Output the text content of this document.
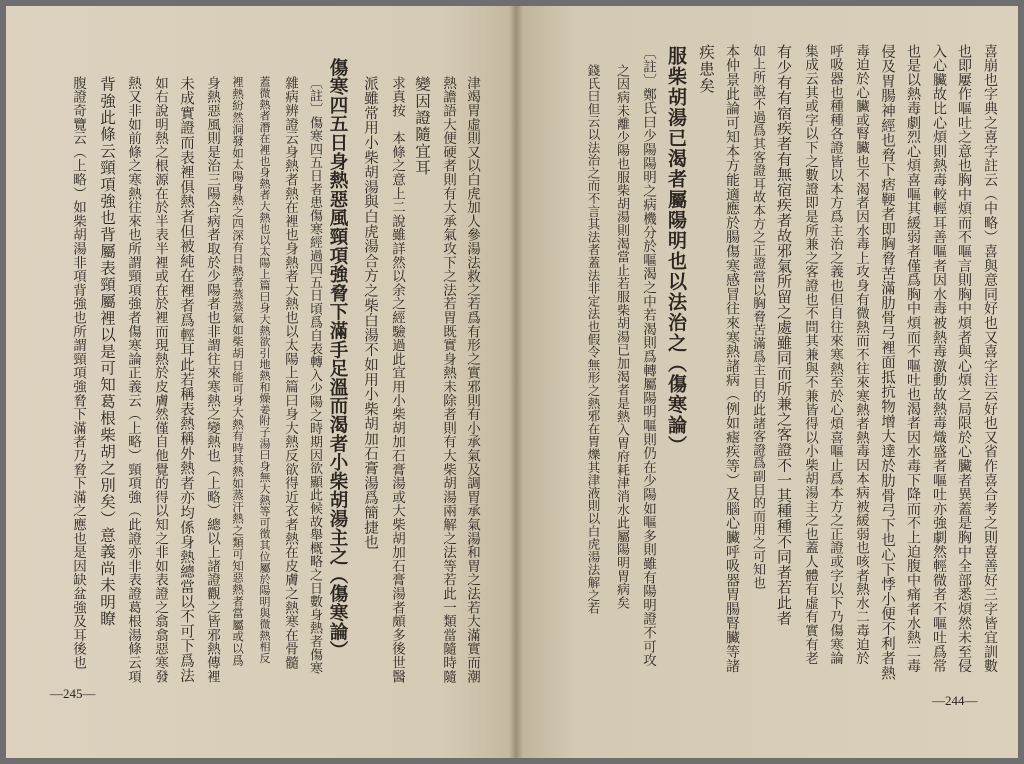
津竭胃虛則又以白虎加人參湯法救之若爲有形之實邪則有小承氣及調胃承氣湯和胃之法若大滿實而潮
熱譫語大便硬者則有大承氣攻下之法若胃既實身熱未除者則有大柴胡湯兩解之法等若此一類當隨時隨
變因證隨宜耳
求真按　本條之意上二說雖詳然以余之經驗過此宜用小柴胡加石膏湯或大柴胡加石膏湯者頗多後世醫
派雖常用小柴胡湯與白虎湯合方之柴白湯不如用小柴胡加石膏湯爲簡捷也
傷寒四五日身熱惡風頸項強脅下滿手足溫而渴者小柴胡湯主之（傷寒論）
〔註〕傷寒四五日者患傷寒經過四五日頃爲自表轉入少陽之時期因欲顯此候故舉概略之日數身熱者傷寒
雜病辨證云身熱者熱在裡也身熱者大熱也以太陽上篇曰身大熱反欲得近衣者熱在皮膚之熱寒在骨髓
蓋微熱者潛在裡也身熱者大熱也以太陽上篇曰身大熱欲引地熱和燥姜附子湯曰身無大熱等可徵其位屬於陽明與微熱相反
裡熱紛然洞發如太陽身熱之四深有日熱者蒸蒸氣如柴胡日能可身大熱有時其熱如蒸汗熱之類可知惡熱者當屬或以爲
身熱惡風則是治三陽合病者取於少陽者也非謂往來寒熱之變熱也（上略）總以上諸證觀之皆邪熱傳裡
未成實證而表裡俱熱者但被純在裡者爲輕耳此若稱表熱稱外熱者亦均係身熱總當以不可下爲法
如右說明熱之根源在於半表半裡或在於裡而現熱於皮膚然僅自他覺的得以知之非如表證之翕翕惡寒發
熱又非如前條之寒熱往來也所謂頸項強者傷寒論正義云（上略）頸項強（此證亦非表證葛根湯條云項
背強此條云頸項強也背屬表頸屬裡以是可知葛根柴胡之別矣）意義尚未明瞭
腹證奇覽云（上略）如柴胡湯非項背強也所謂頸項強脅下滿者乃脅下滿之應也是因缺盆強及耳後也	喜崩也字典之喜字註云（中略）喜與意同好也又喜字注云好也又省作喜合考之則喜善好三字皆宜訓數
也即屢作嘔吐之意也胸中煩而不嘔言則胸中煩者與心煩之局限於心臟者異蓋是胸中全部悉煩然未至侵
入心臟故比心煩則熱毒較輕耳善嘔者因水毒被熱毒激動故熱毒熾盛者嘔吐亦強劇然輕微者不嘔吐爲常
也是以熱毒劇烈心煩喜嘔其緩弱者僅爲胸中煩而不嘔吐也渴者因水毒下降而不上迫腹中痛者水熱二毒
侵及胃腸神經也脅下痞鞕者即胸脅苦滿肋骨弓裡面抵抗物增大達於肋骨弓下也心下悸小便不利者熱
毒迫於心臟或腎臟也不渴者因水毒上攻身有微熱而不往來寒熱者熱毒因本病被緩弱也咳者熱水二毒迫於
呼吸器也種種各證皆以本方爲主治之義也但自往來寒熱至於心煩喜嘔止爲本方之正證或字以下乃傷寒論
集成云其或字以下之數證即是所兼之客證也不問其兼與不兼皆得以小柴胡湯主之也蓋人體有虛有實有老
有少有有宿疾者有無宿疾者故邪氣所留之處雖同而所兼之客證不一其種種不同者若此者
如上所說不過爲其客證耳故本方之正證當以胸脅苦滿爲主目的此諸客證爲副目的而用之可知也
本仲景此論可知本方能適應於腸傷寒感冒往來寒熱諸病（例如瘧疾等）及腦心臟呼吸器胃腸腎臟等諸
疾患矣
服柴胡湯已渴者屬陽明也以法治之（傷寒論）
〔註〕鄭氏曰少陽陽明之病機分於嘔渴之中若渴則爲轉屬陽明嘔則仍在少陽如嘔多則雖有陽明證不可攻
之因病未離少陽也服柴胡湯則渴當止若服柴胡湯已加渴者是熱入胃府耗津消水此屬陽明胃病矣
錢氏曰但云以法治之而不言其法者蓋法非定法也假令無形之熱邪在胃爍其津液則以白虎湯法解之若
—245—	—244—
